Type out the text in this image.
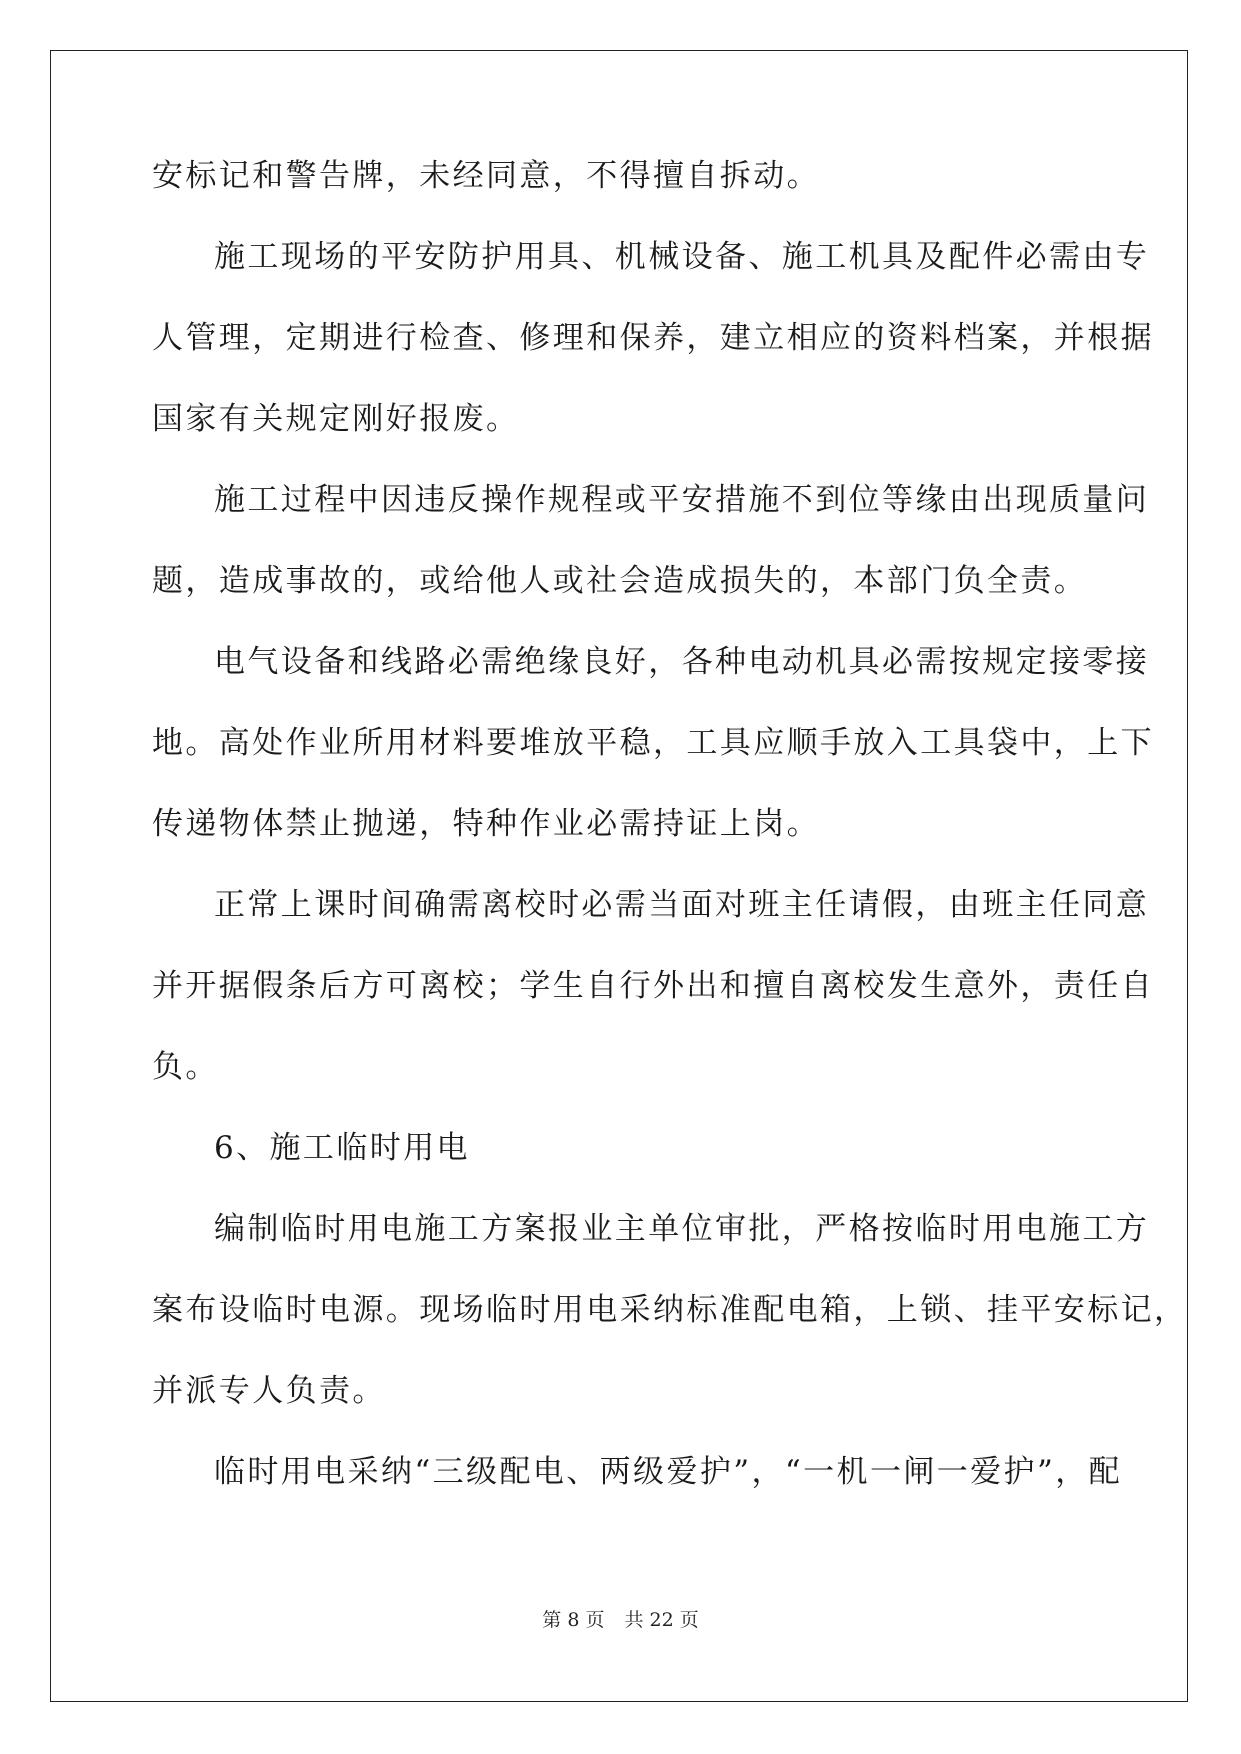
安标记和警告牌，未经同意，不得擅自拆动。
施工现场的平安防护用具、机械设备、施工机具及配件必需由专
人管理，定期进行检查、修理和保养，建立相应的资料档案，并根据
国家有关规定刚好报废。
施工过程中因违反操作规程或平安措施不到位等缘由出现质量问
题，造成事故的，或给他人或社会造成损失的，本部门负全责。
电气设备和线路必需绝缘良好，各种电动机具必需按规定接零接
地。高处作业所用材料要堆放平稳，工具应顺手放入工具袋中，上下
传递物体禁止抛递，特种作业必需持证上岗。
正常上课时间确需离校时必需当面对班主任请假，由班主任同意
并开据假条后方可离校；学生自行外出和擅自离校发生意外，责任自
负。
6、施工临时用电
编制临时用电施工方案报业主单位审批，严格按临时用电施工方
案布设临时电源。现场临时用电采纳标准配电箱，上锁、挂平安标记，
并派专人负责。
临时用电采纳“三级配电、两级爱护”，“一机一闸一爱护”，配
第 8 页 共 22 页
